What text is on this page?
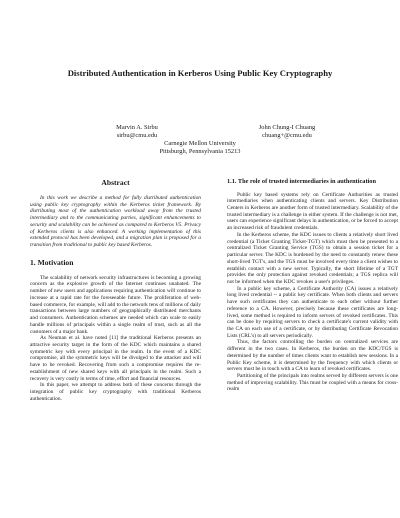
Distributed Authentication in Kerberos Using Public Key Cryptography
Marvin A. Sirbu
sirbu@cmu.edu
John Chung-I Chuang
chuang+@cmu.edu
Carnegie Mellon University
Pittsburgh, Pennsylvania 15213
Abstract

In this work we describe a method for fully distributed authentication using public key cryptography within the Kerberos ticket framework. By distributing most of the authentication workload away from the trusted intermediary and to the communicating parties, significant enhancements to security and scalability can be achieved as compared to Kerberos V5. Privacy of Kerberos clients is also enhanced. A working implementation of this extended protocol has been developed, and a migration plan is proposed for a transition from traditional to public key based Kerberos.

1. Motivation

The scalability of network security infrastructures is becoming a growing concern as the explosive growth of the Internet continues unabated. The number of new users and applications requiring authentication will continue to increase at a rapid rate for the foreseeable future. The proliferation of web-based commerce, for example, will add to the network tens of millions of daily transactions between large numbers of geographically distributed merchants and consumers. Authentication schemes are needed which can scale to easily handle millions of principals within a single realm of trust, such as all the customers of a major bank.

As Neuman et al. have noted [11] the traditional Kerberos presents an attractive security target in the form of the KDC which maintains a shared symmetric key with every principal in the realm. In the event of a KDC compromise, all the symmetric keys will be divulged to the attacker and will have to be revoked. Recovering from such a compromise requires the re-establishment of new shared keys with all principals in the realm. Such a recovery is very costly in terms of time, effort and financial resources.

In this paper, we attempt to address both of these concerns through the integration of public key cryptography with traditional Kerberos authentication.

1.1. The role of trusted intermediaries in authentication

Public key based systems rely on Certificate Authorities as trusted intermediaries when authenticating clients and servers. Key Distribution Centers in Kerberos are another form of trusted intermediary. Scalability of the trusted intermediary is a challenge in either system. If the challenge is not met, users can experience significant delays in authentication, or be forced to accept an increased risk of fraudulent credentials.

In the Kerberos scheme, the KDC issues to clients a relatively short lived credential (a Ticket Granting Ticket-TGT) which must then be presented to a centralized Ticket Granting Service (TGS) to obtain a session ticket for a particular server. The KDC is burdened by the need to constantly renew these short-lived TGT's, and the TGS must be involved every time a client wishes to establish contact with a new server. Typically, the short lifetime of a TGT provides the only protection against revoked credentials; a TGS replica will not be informed when the KDC revokes a user's privileges.

In a public key scheme, a Certificate Authority (CA) issues a relatively long lived credential -- a public key certificate. When both clients and servers have such certificates they can authenticate to each other without further reference to a CA. However, precisely because these certificates are long-lived, some method is required to inform servers of revoked certificates. This can be done by requiring servers to check a certificate's current validity with the CA on each use of a certificate, or by distributing Certificate Revocation Lists (CRL's) to all servers periodically.

Thus, the factors controlling the burden on centralized services are different in the two cases. In Kerberos, the burden on the KDC/TGS is determined by the number of times clients want to establish new sessions. In a Public Key scheme, it is determined by the frequency with which clients or servers must be in touch with a CA to learn of revoked certificates.

Partitioning of the principals into realms served by different servers is one method of improving scalability. This must be coupled with a means for cross-realm
